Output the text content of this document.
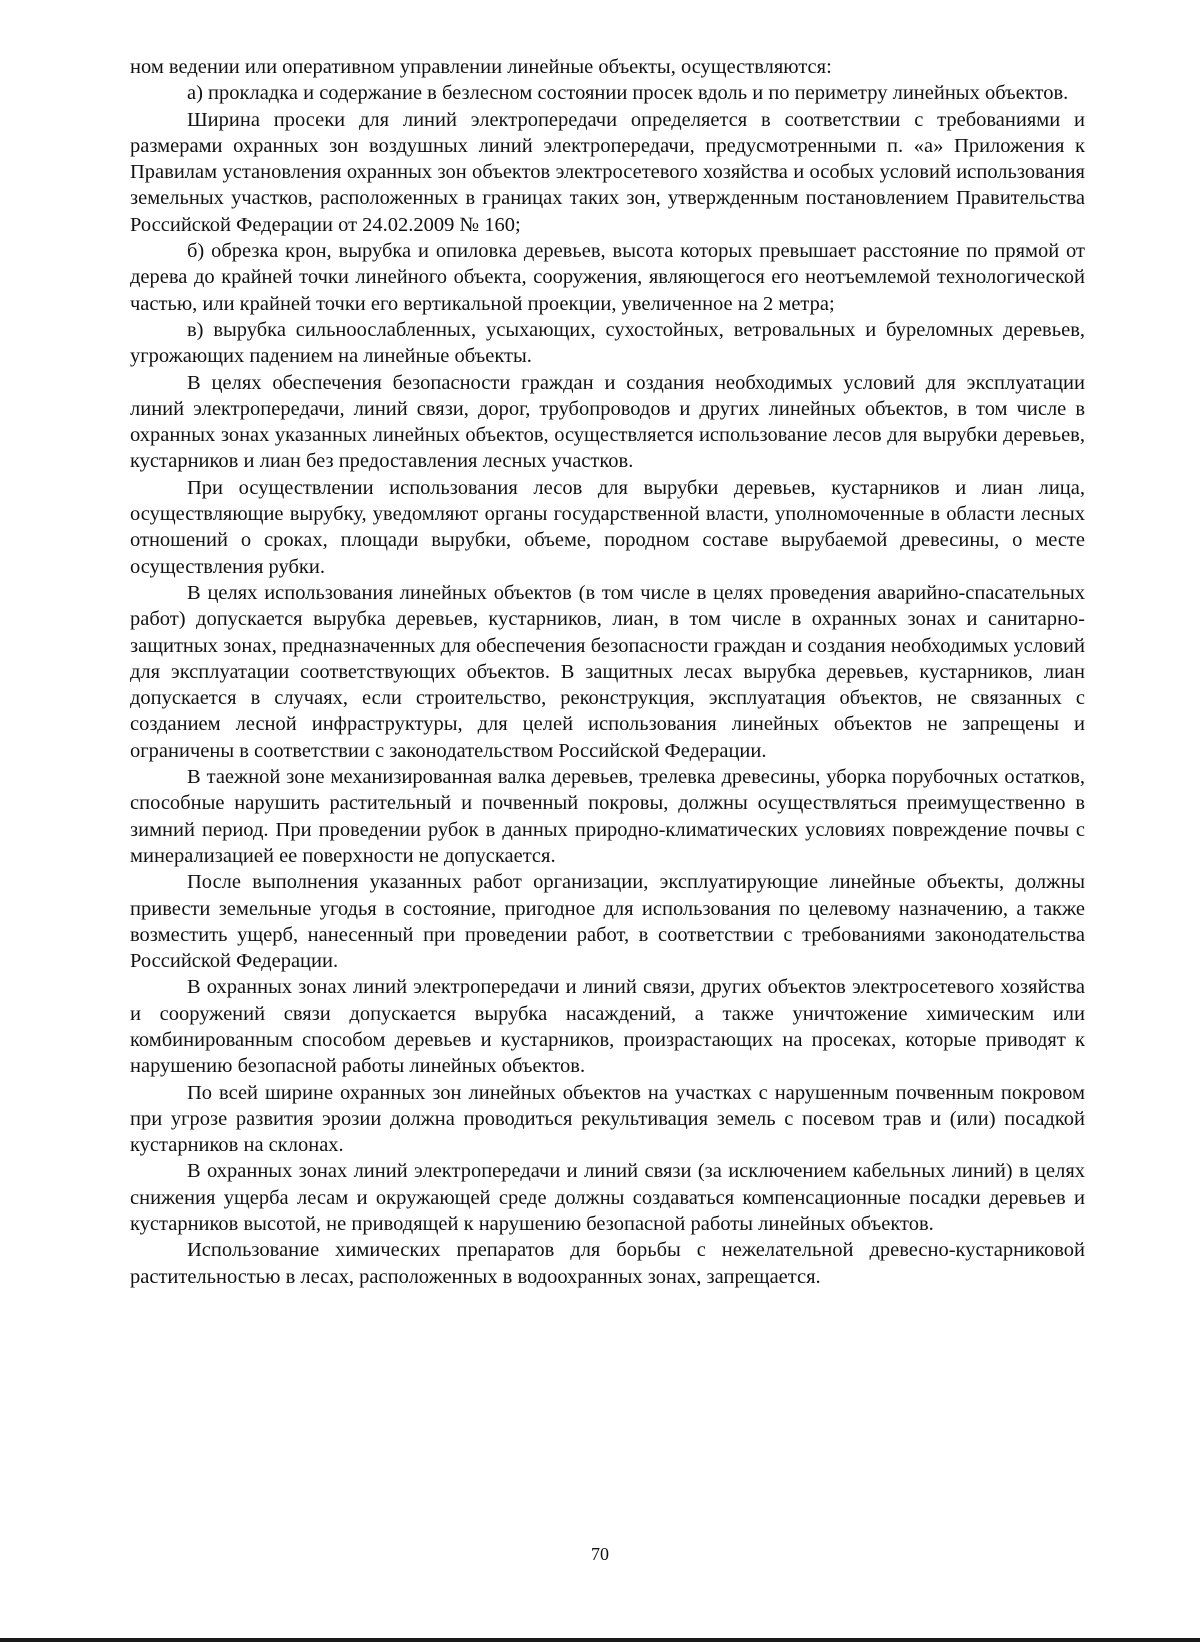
ном ведении или оперативном управлении линейные объекты, осуществляются:

а) прокладка и содержание в безлесном состоянии просек вдоль и по периметру линейных объектов.

Ширина просеки для линий электропередачи определяется в соответствии с требованиями и размерами охранных зон воздушных линий электропередачи, предусмотренными п. «а» Приложения к Правилам установления охранных зон объектов электросетевого хозяйства и особых условий использования земельных участков, расположенных в границах таких зон, утвержденным постановлением Правительства Российской Федерации от 24.02.2009 № 160;

б) обрезка крон, вырубка и опиловка деревьев, высота которых превышает расстояние по прямой от дерева до крайней точки линейного объекта, сооружения, являющегося его неотъемлемой технологической частью, или крайней точки его вертикальной проекции, увеличенное на 2 метра;

в) вырубка сильноослабленных, усыхающих, сухостойных, ветровальных и буреломных деревьев, угрожающих падением на линейные объекты.

В целях обеспечения безопасности граждан и создания необходимых условий для эксплуатации линий электропередачи, линий связи, дорог, трубопроводов и других линейных объектов, в том числе в охранных зонах указанных линейных объектов, осуществляется использование лесов для вырубки деревьев, кустарников и лиан без предоставления лесных участков.

При осуществлении использования лесов для вырубки деревьев, кустарников и лиан лица, осуществляющие вырубку, уведомляют органы государственной власти, уполномоченные в области лесных отношений о сроках, площади вырубки, объеме, породном составе вырубаемой древесины, о месте осуществления рубки.

В целях использования линейных объектов (в том числе в целях проведения аварийно-спасательных работ) допускается вырубка деревьев, кустарников, лиан, в том числе в охранных зонах и санитарно-защитных зонах, предназначенных для обеспечения безопасности граждан и создания необходимых условий для эксплуатации соответствующих объектов. В защитных лесах вырубка деревьев, кустарников, лиан допускается в случаях, если строительство, реконструкция, эксплуатация объектов, не связанных с созданием лесной инфраструктуры, для целей использования линейных объектов не запрещены и ограничены в соответствии с законодательством Российской Федерации.

В таежной зоне механизированная валка деревьев, трелевка древесины, уборка порубочных остатков, способные нарушить растительный и почвенный покровы, должны осуществляться преимущественно в зимний период. При проведении рубок в данных природно-климатических условиях повреждение почвы с минерализацией ее поверхности не допускается.

После выполнения указанных работ организации, эксплуатирующие линейные объекты, должны привести земельные угодья в состояние, пригодное для использования по целевому назначению, а также возместить ущерб, нанесенный при проведении работ, в соответствии с требованиями законодательства Российской Федерации.

В охранных зонах линий электропередачи и линий связи, других объектов электросетевого хозяйства и сооружений связи допускается вырубка насаждений, а также уничтожение химическим или комбинированным способом деревьев и кустарников, произрастающих на просеках, которые приводят к нарушению безопасной работы линейных объектов.

По всей ширине охранных зон линейных объектов на участках с нарушенным почвенным покровом при угрозе развития эрозии должна проводиться рекультивация земель с посевом трав и (или) посадкой кустарников на склонах.

В охранных зонах линий электропередачи и линий связи (за исключением кабельных линий) в целях снижения ущерба лесам и окружающей среде должны создаваться компенсационные посадки деревьев и кустарников высотой, не приводящей к нарушению безопасной работы линейных объектов.

Использование химических препаратов для борьбы с нежелательной древесно-кустарниковой растительностью в лесах, расположенных в водоохранных зонах, запрещается.

70
